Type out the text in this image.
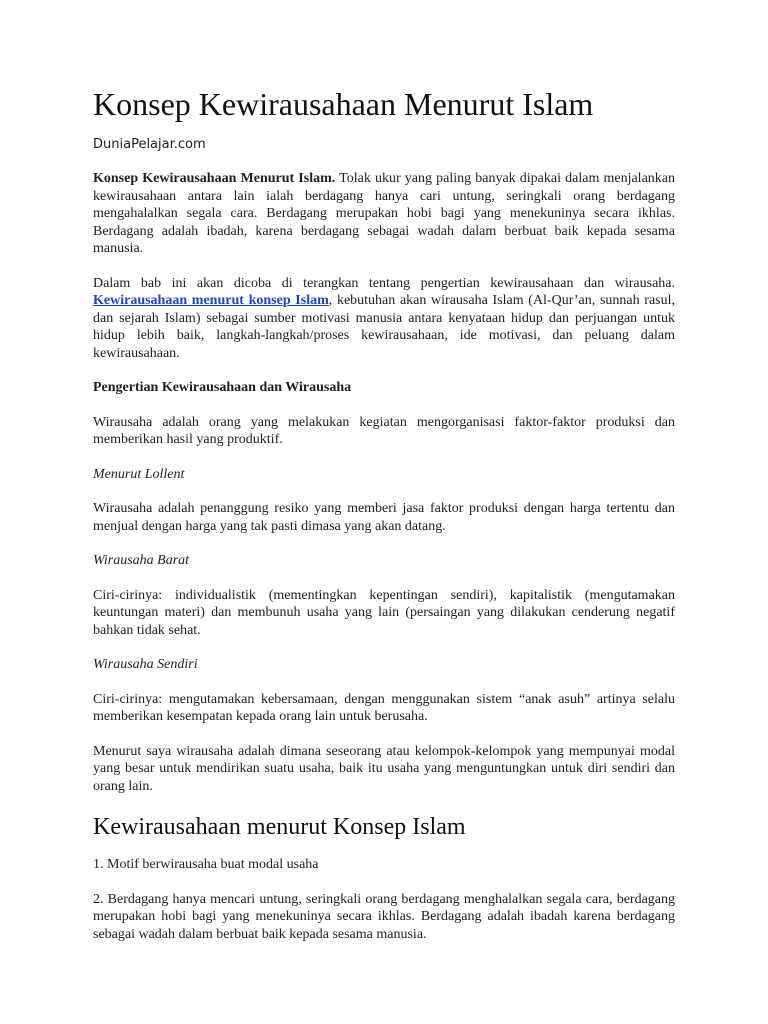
Konsep Kewirausahaan Menurut Islam
DuniaPelajar.com

Konsep Kewirausahaan Menurut Islam. Tolak ukur yang paling banyak dipakai dalam menjalankan kewirausahaan antara lain ialah berdagang hanya cari untung, seringkali orang berdagang mengahalalkan segala cara. Berdagang merupakan hobi bagi yang menekuninya secara ikhlas. Berdagang adalah ibadah, karena berdagang sebagai wadah dalam berbuat baik kepada sesama manusia.

Dalam bab ini akan dicoba di terangkan tentang pengertian kewirausahaan dan wirausaha. Kewirausahaan menurut konsep Islam, kebutuhan akan wirausaha Islam (Al-Qur’an, sunnah rasul, dan sejarah Islam) sebagai sumber motivasi manusia antara kenyataan hidup dan perjuangan untuk hidup lebih baik, langkah-langkah/proses kewirausahaan, ide motivasi, dan peluang dalam kewirausahaan.

Pengertian Kewirausahaan dan Wirausaha

Wirausaha adalah orang yang melakukan kegiatan mengorganisasi faktor-faktor produksi dan memberikan hasil yang produktif.

Menurut Lollent

Wirausaha adalah penanggung resiko yang memberi jasa faktor produksi dengan harga tertentu dan menjual dengan harga yang tak pasti dimasa yang akan datang.

Wirausaha Barat

Ciri-cirinya: individualistik (mementingkan kepentingan sendiri), kapitalistik (mengutamakan keuntungan materi) dan membunuh usaha yang lain (persaingan yang dilakukan cenderung negatif bahkan tidak sehat.

Wirausaha Sendiri

Ciri-cirinya: mengutamakan kebersamaan, dengan menggunakan sistem “anak asuh” artinya selalu memberikan kesempatan kepada orang lain untuk berusaha.

Menurut saya wirausaha adalah dimana seseorang atau kelompok-kelompok yang mempunyai modal yang besar untuk mendirikan suatu usaha, baik itu usaha yang menguntungkan untuk diri sendiri dan orang lain.

Kewirausahaan menurut Konsep Islam

1. Motif berwirausaha buat modal usaha

2. Berdagang hanya mencari untung, seringkali orang berdagang menghalalkan segala cara, berdagang merupakan hobi bagi yang menekuninya secara ikhlas. Berdagang adalah ibadah karena berdagang sebagai wadah dalam berbuat baik kepada sesama manusia.
